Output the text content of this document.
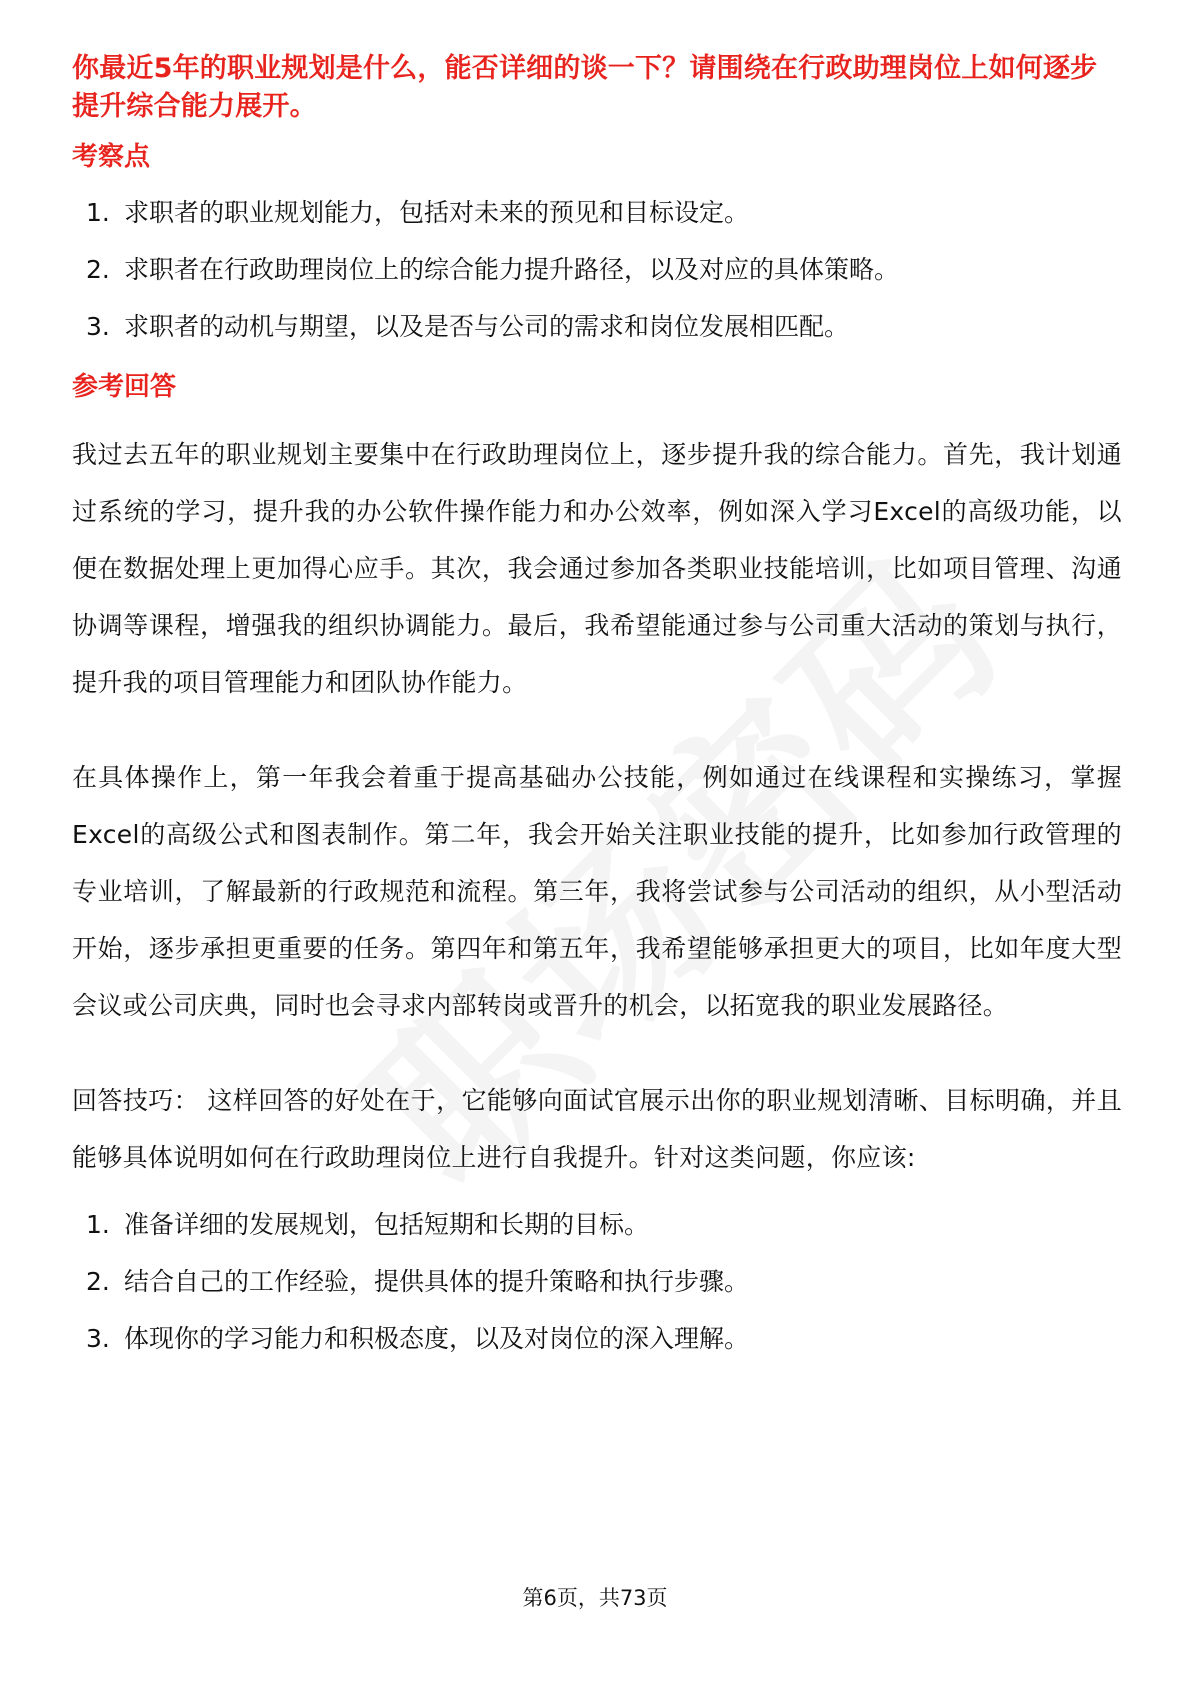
你最近5年的职业规划是什么，能否详细的谈一下？请围绕在行政助理岗位上如何逐步提升综合能力展开。

考察点
1. 求职者的职业规划能力，包括对未来的预见和目标设定。
2. 求职者在行政助理岗位上的综合能力提升路径，以及对应的具体策略。
3. 求职者的动机与期望，以及是否与公司的需求和岗位发展相匹配。
参考回答

我过去五年的职业规划主要集中在行政助理岗位上，逐步提升我的综合能力。首先，我计划通过系统的学习，提升我的办公软件操作能力和办公效率，例如深入学习Excel的高级功能，以便在数据处理上更加得心应手。其次，我会通过参加各类职业技能培训，比如项目管理、沟通协调等课程，增强我的组织协调能力。最后，我希望能通过参与公司重大活动的策划与执行，提升我的项目管理能力和团队协作能力。

在具体操作上，第一年我会着重于提高基础办公技能，例如通过在线课程和实操练习，掌握Excel的高级公式和图表制作。第二年，我会开始关注职业技能的提升，比如参加行政管理的专业培训，了解最新的行政规范和流程。第三年，我将尝试参与公司活动的组织，从小型活动开始，逐步承担更重要的任务。第四年和第五年，我希望能够承担更大的项目，比如年度大型会议或公司庆典，同时也会寻求内部转岗或晋升的机会，以拓宽我的职业发展路径。

回答技巧： 这样回答的好处在于，它能够向面试官展示出你的职业规划清晰、目标明确，并且能够具体说明如何在行政助理岗位上进行自我提升。针对这类问题，你应该:

1. 准备详细的发展规划，包括短期和长期的目标。
2. 结合自己的工作经验，提供具体的提升策略和执行步骤。
3. 体现你的学习能力和积极态度，以及对岗位的深入理解。
第6页，共73页
